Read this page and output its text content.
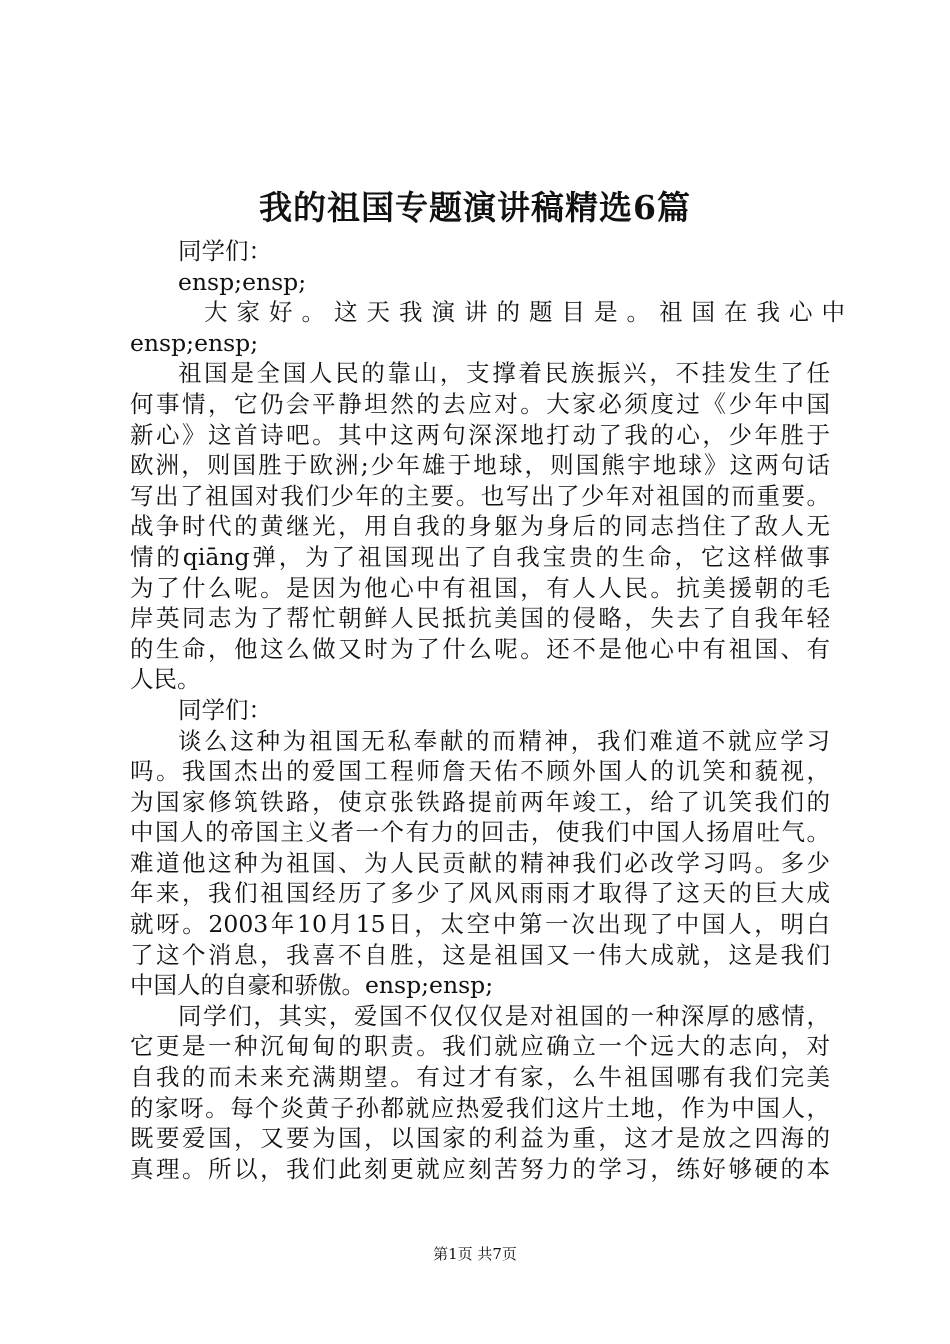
我的祖国专题演讲稿精选6篇
同学们：
ensp;ensp;
大家好。这天我演讲的题目是。祖国在我心中
ensp;ensp;
祖国是全国人民的靠山，支撑着民族振兴，不挂发生了任
何事情，它仍会平静坦然的去应对。大家必须度过《少年中国
新心》这首诗吧。其中这两句深深地打动了我的心，少年胜于
欧洲，则国胜于欧洲;少年雄于地球，则国熊宇地球》这两句话
写出了祖国对我们少年的主要。也写出了少年对祖国的而重要。
战争时代的黄继光，用自我的身躯为身后的同志挡住了敌人无
情的qiāng弹，为了祖国现出了自我宝贵的生命，它这样做事
为了什么呢。是因为他心中有祖国，有人人民。抗美援朝的毛
岸英同志为了帮忙朝鲜人民抵抗美国的侵略，失去了自我年轻
的生命，他这么做又时为了什么呢。还不是他心中有祖国、有
人民。
同学们：
谈么这种为祖国无私奉献的而精神，我们难道不就应学习
吗。我国杰出的爱国工程师詹天佑不顾外国人的讥笑和藐视，
为国家修筑铁路，使京张铁路提前两年竣工，给了讥笑我们的
中国人的帝国主义者一个有力的回击，使我们中国人扬眉吐气。
难道他这种为祖国、为人民贡献的精神我们必改学习吗。多少
年来，我们祖国经历了多少了风风雨雨才取得了这天的巨大成
就呀。2003年10月15日，太空中第一次出现了中国人，明白
了这个消息，我喜不自胜，这是祖国又一伟大成就，这是我们
中国人的自豪和骄傲。ensp;ensp;
同学们，其实，爱国不仅仅仅是对祖国的一种深厚的感情，
它更是一种沉甸甸的职责。我们就应确立一个远大的志向，对
自我的而未来充满期望。有过才有家，么牛祖国哪有我们完美
的家呀。每个炎黄子孙都就应热爱我们这片土地，作为中国人，
既要爱国，又要为国，以国家的利益为重，这才是放之四海的
真理。所以，我们此刻更就应刻苦努力的学习，练好够硬的本
第1页 共7页
